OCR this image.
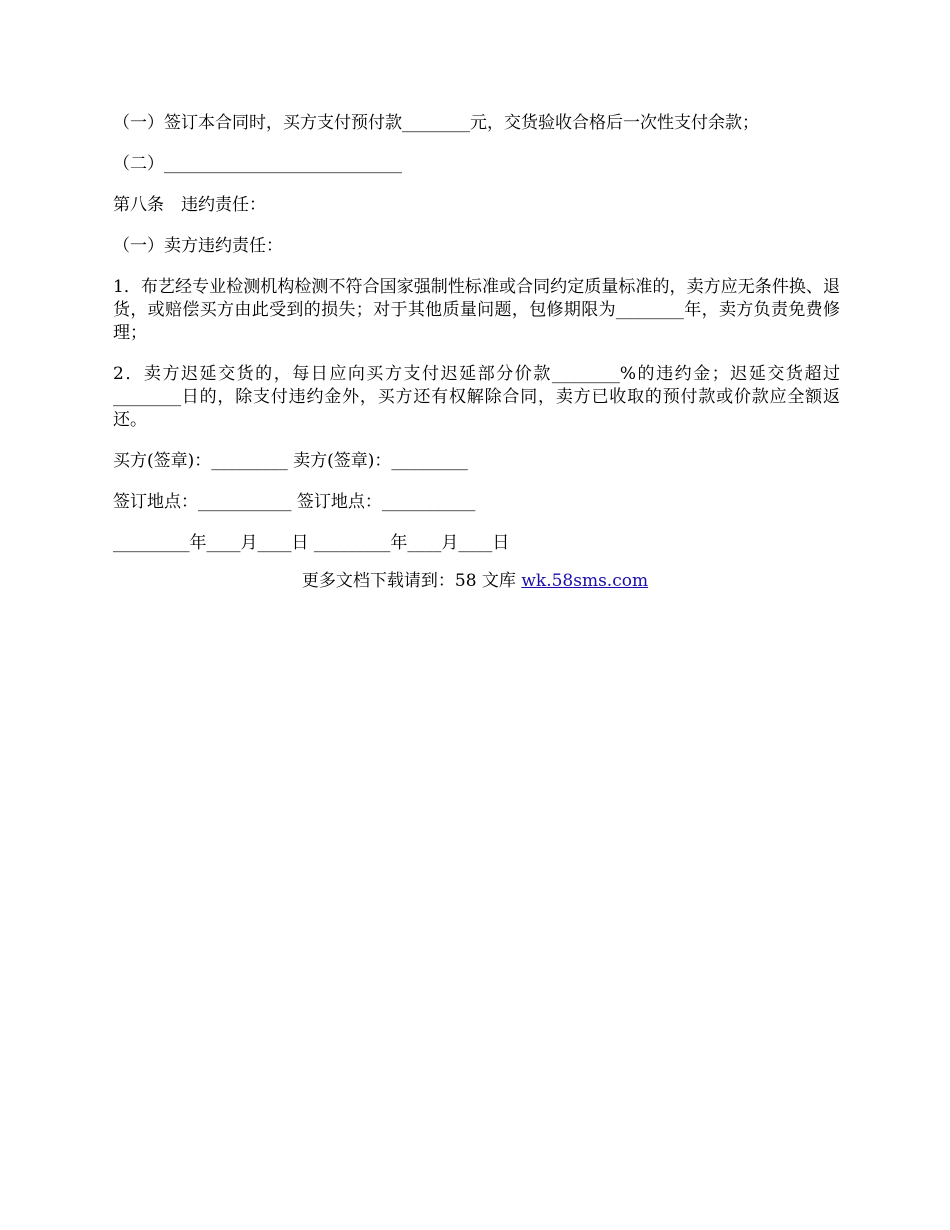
（一）签订本合同时，买方支付预付款________元，交货验收合格后一次性支付余款；

（二）____________________________

第八条　违约责任：

（一）卖方违约责任：

1．布艺经专业检测机构检测不符合国家强制性标准或合同约定质量标准的，卖方应无条件换、退货，或赔偿买方由此受到的损失；对于其他质量问题，包修期限为________年，卖方负责免费修理；

2．卖方迟延交货的，每日应向买方支付迟延部分价款________%的违约金；迟延交货超过________日的，除支付违约金外，买方还有权解除合同，卖方已收取的预付款或价款应全额返还。

买方(签章)：_________ 卖方(签章)：_________

签订地点：___________ 签订地点：___________

_________年____月____日 _________年____月____日

更多文档下载请到：58 文库 wk.58sms.com
